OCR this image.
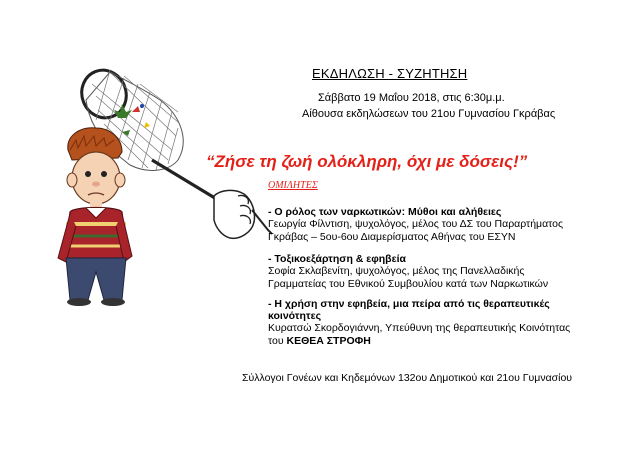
ΕΚΔΗΛΩΣΗ - ΣΥΖΗΤΗΣΗ
Σάββατο 19 Μαΐου 2018, στις 6:30μ.μ.
Αίθουσα εκδηλώσεων του 21ου Γυμνασίου Γκράβας
“Ζήσε τη ζωή ολόκληρη, όχι με δόσεις!”
ΟΜΙΛΗΤΕΣ
- Ο ρόλος των ναρκωτικών: Μύθοι και αλήθειες
Γεωργία Φίλντιση, ψυχολόγος, μέλος του ΔΣ του Παραρτήματος
Γκράβας – 5ου-6ου Διαμερίσματος Αθήνας του ΕΣΥΝ
- Τοξικοεξάρτηση & εφηβεία
Σοφία Σκλαβενίτη, ψυχολόγος, μέλος της Πανελλαδικής
Γραμματείας του Εθνικού Συμβουλίου κατά των Ναρκωτικών
- Η χρήση στην εφηβεία, μια πείρα από τις θεραπευτικές
κοινότητες
Κυρατσώ Σκορδογιάννη, Υπεύθυνη της θεραπευτικής Κοινότητας
του ΚΕΘΕΑ ΣΤΡΟΦΗ
Σύλλογοι Γονέων και Κηδεμόνων 132ου Δημοτικού και 21ου Γυμνασίου
